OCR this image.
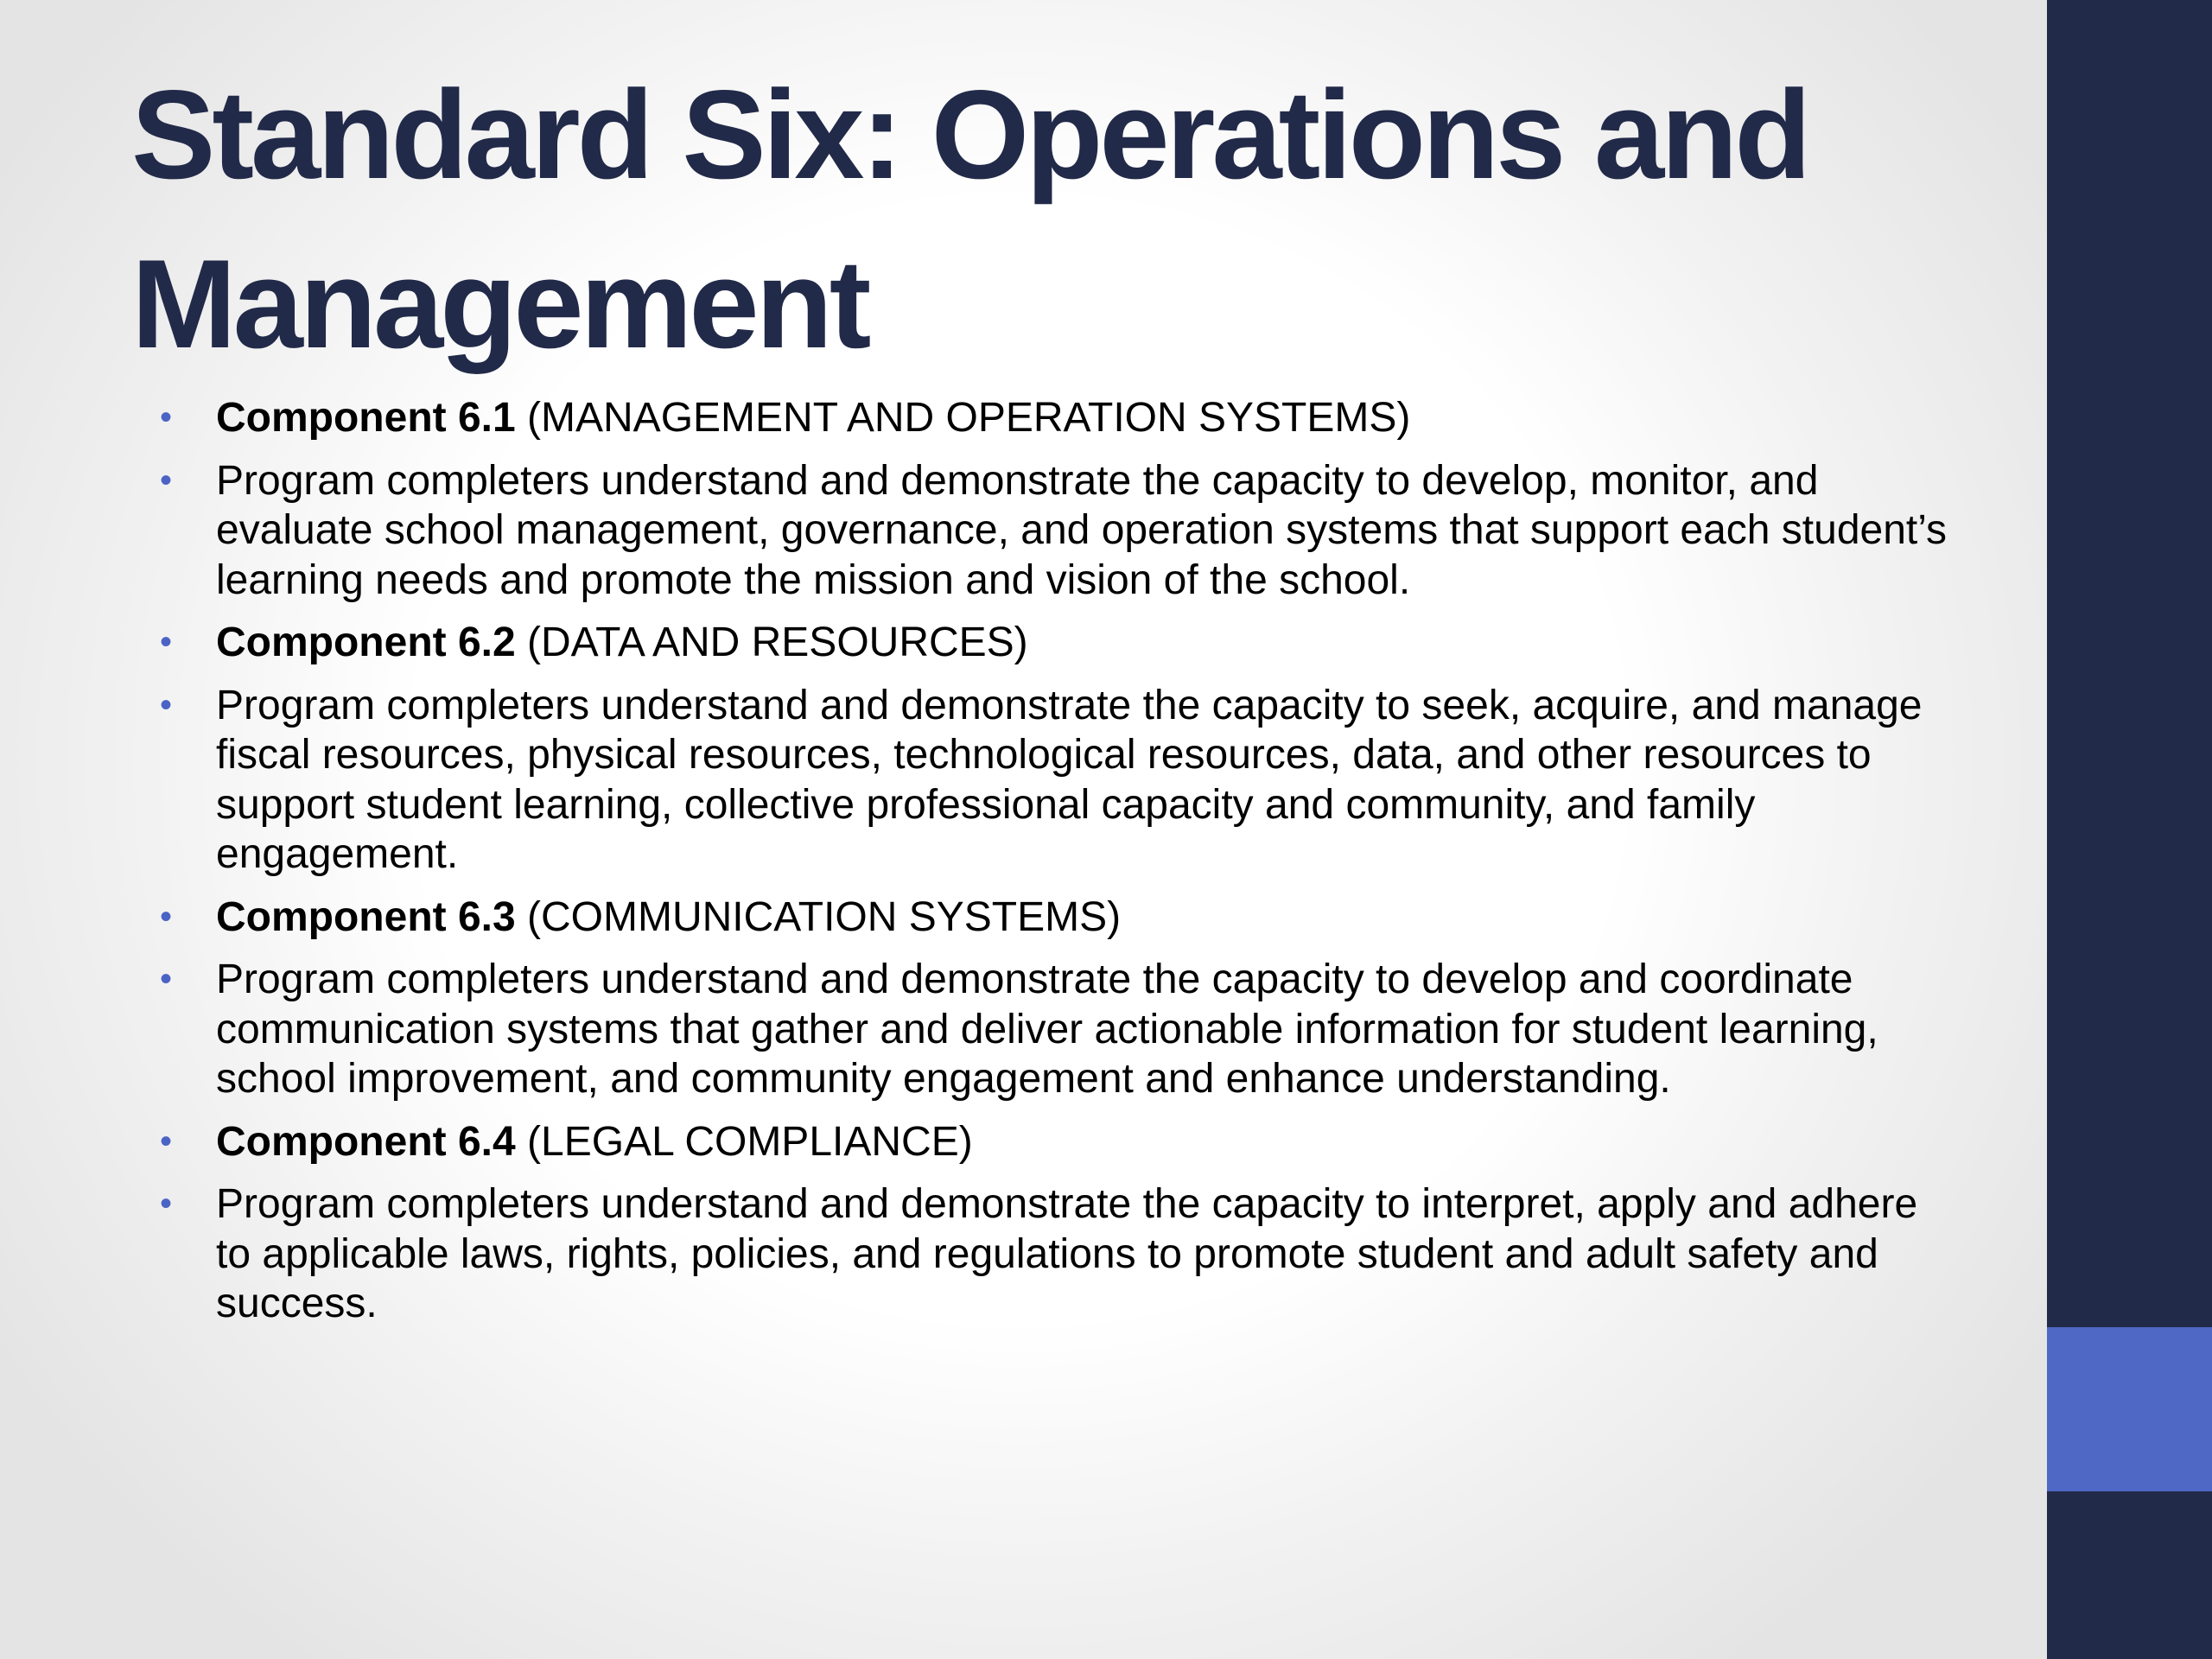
Standard Six: Operations and Management
•	Component 6.1 (MANAGEMENT AND OPERATION SYSTEMS)
•	Program completers understand and demonstrate the capacity to develop, monitor, and evaluate school management, governance, and operation systems that support each student’s learning needs and promote the mission and vision of the school.
•	Component 6.2 (DATA AND RESOURCES)
•	Program completers understand and demonstrate the capacity to seek, acquire, and manage fiscal resources, physical resources, technological resources, data, and other resources to support student learning, collective professional capacity and community, and family engagement.
•	Component 6.3 (COMMUNICATION SYSTEMS)
•	Program completers understand and demonstrate the capacity to develop and coordinate communication systems that gather and deliver actionable information for student learning, school improvement, and community engagement and enhance understanding.
•	Component 6.4 (LEGAL COMPLIANCE)
•	Program completers understand and demonstrate the capacity to interpret, apply and adhere to applicable laws, rights, policies, and regulations to promote student and adult safety and success.
